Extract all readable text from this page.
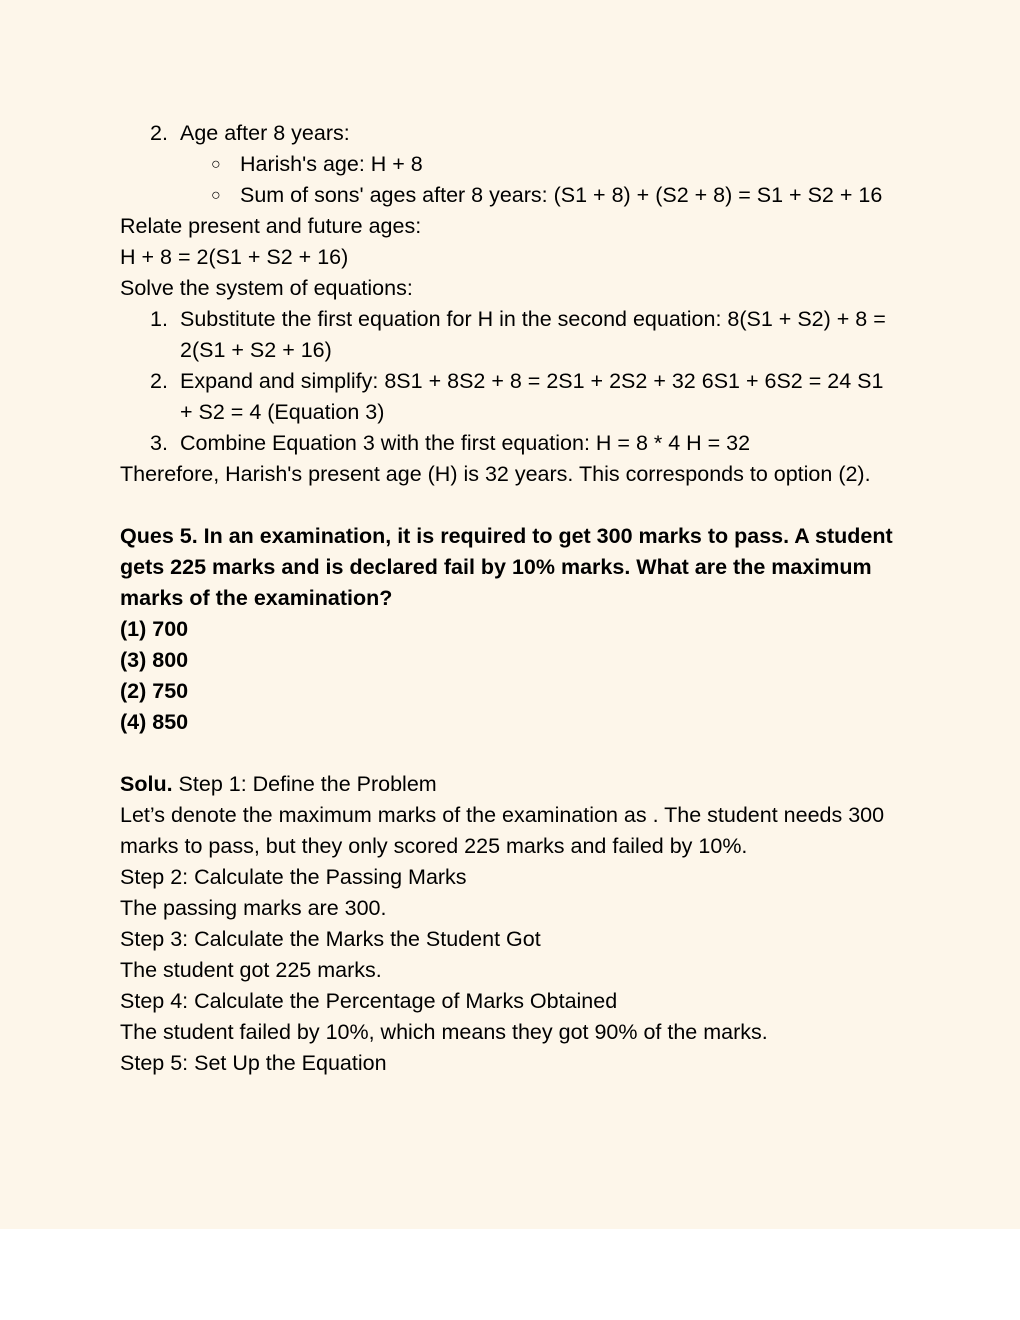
2. Age after 8 years:
○ Harish's age: H + 8
○ Sum of sons' ages after 8 years: (S1 + 8) + (S2 + 8) = S1 + S2 + 16

Relate present and future ages:

H + 8 = 2(S1 + S2 + 16)

Solve the system of equations:

1. Substitute the first equation for H in the second equation: 8(S1 + S2) + 8 = 2(S1 + S2 + 16)
2. Expand and simplify: 8S1 + 8S2 + 8 = 2S1 + 2S2 + 32 6S1 + 6S2 = 24 S1 + S2 = 4 (Equation 3)
3. Combine Equation 3 with the first equation: H = 8 * 4 H = 32

Therefore, Harish's present age (H) is 32 years. This corresponds to option (2).

Ques 5. In an examination, it is required to get 300 marks to pass. A student gets 225 marks and is declared fail by 10% marks. What are the maximum marks of the examination?

(1) 700

(3) 800

(2) 750

(4) 850

Solu. Step 1: Define the Problem

Let’s denote the maximum marks of the examination as . The student needs 300 marks to pass, but they only scored 225 marks and failed by 10%.

Step 2: Calculate the Passing Marks

The passing marks are 300.

Step 3: Calculate the Marks the Student Got

The student got 225 marks.

Step 4: Calculate the Percentage of Marks Obtained

The student failed by 10%, which means they got 90% of the marks.

Step 5: Set Up the Equation
